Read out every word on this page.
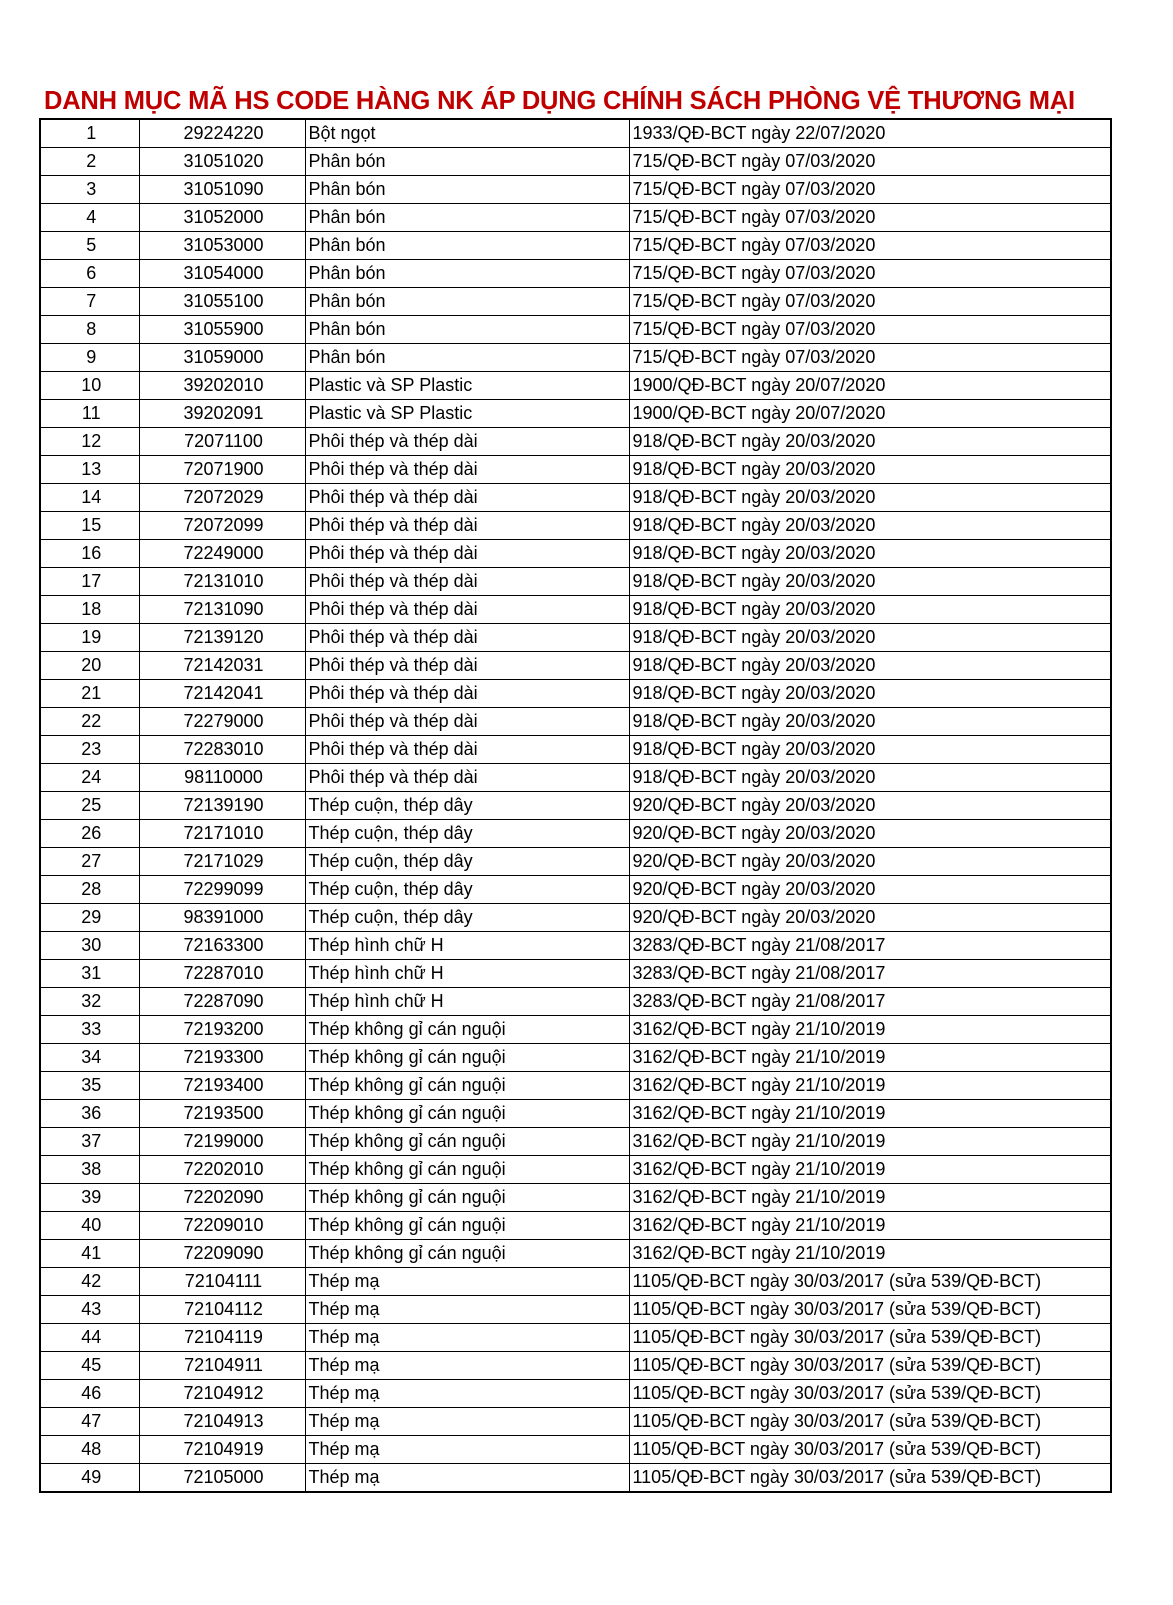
DANH MỤC MÃ HS CODE HÀNG NK ÁP DỤNG CHÍNH SÁCH PHÒNG VỆ THƯƠNG MẠI
1	29224220	Bột ngọt	1933/QĐ-BCT ngày 22/07/2020
2	31051020	Phân bón	715/QĐ-BCT ngày 07/03/2020
3	31051090	Phân bón	715/QĐ-BCT ngày 07/03/2020
4	31052000	Phân bón	715/QĐ-BCT ngày 07/03/2020
5	31053000	Phân bón	715/QĐ-BCT ngày 07/03/2020
6	31054000	Phân bón	715/QĐ-BCT ngày 07/03/2020
7	31055100	Phân bón	715/QĐ-BCT ngày 07/03/2020
8	31055900	Phân bón	715/QĐ-BCT ngày 07/03/2020
9	31059000	Phân bón	715/QĐ-BCT ngày 07/03/2020
10	39202010	Plastic và SP Plastic	1900/QĐ-BCT ngày 20/07/2020
11	39202091	Plastic và SP Plastic	1900/QĐ-BCT ngày 20/07/2020
12	72071100	Phôi thép và thép dài	918/QĐ-BCT ngày 20/03/2020
13	72071900	Phôi thép và thép dài	918/QĐ-BCT ngày 20/03/2020
14	72072029	Phôi thép và thép dài	918/QĐ-BCT ngày 20/03/2020
15	72072099	Phôi thép và thép dài	918/QĐ-BCT ngày 20/03/2020
16	72249000	Phôi thép và thép dài	918/QĐ-BCT ngày 20/03/2020
17	72131010	Phôi thép và thép dài	918/QĐ-BCT ngày 20/03/2020
18	72131090	Phôi thép và thép dài	918/QĐ-BCT ngày 20/03/2020
19	72139120	Phôi thép và thép dài	918/QĐ-BCT ngày 20/03/2020
20	72142031	Phôi thép và thép dài	918/QĐ-BCT ngày 20/03/2020
21	72142041	Phôi thép và thép dài	918/QĐ-BCT ngày 20/03/2020
22	72279000	Phôi thép và thép dài	918/QĐ-BCT ngày 20/03/2020
23	72283010	Phôi thép và thép dài	918/QĐ-BCT ngày 20/03/2020
24	98110000	Phôi thép và thép dài	918/QĐ-BCT ngày 20/03/2020
25	72139190	Thép cuộn, thép dây	920/QĐ-BCT ngày 20/03/2020
26	72171010	Thép cuộn, thép dây	920/QĐ-BCT ngày 20/03/2020
27	72171029	Thép cuộn, thép dây	920/QĐ-BCT ngày 20/03/2020
28	72299099	Thép cuộn, thép dây	920/QĐ-BCT ngày 20/03/2020
29	98391000	Thép cuộn, thép dây	920/QĐ-BCT ngày 20/03/2020
30	72163300	Thép hình chữ H	3283/QĐ-BCT ngày 21/08/2017
31	72287010	Thép hình chữ H	3283/QĐ-BCT ngày 21/08/2017
32	72287090	Thép hình chữ H	3283/QĐ-BCT ngày 21/08/2017
33	72193200	Thép không gỉ cán nguội	3162/QĐ-BCT ngày 21/10/2019
34	72193300	Thép không gỉ cán nguội	3162/QĐ-BCT ngày 21/10/2019
35	72193400	Thép không gỉ cán nguội	3162/QĐ-BCT ngày 21/10/2019
36	72193500	Thép không gỉ cán nguội	3162/QĐ-BCT ngày 21/10/2019
37	72199000	Thép không gỉ cán nguội	3162/QĐ-BCT ngày 21/10/2019
38	72202010	Thép không gỉ cán nguội	3162/QĐ-BCT ngày 21/10/2019
39	72202090	Thép không gỉ cán nguội	3162/QĐ-BCT ngày 21/10/2019
40	72209010	Thép không gỉ cán nguội	3162/QĐ-BCT ngày 21/10/2019
41	72209090	Thép không gỉ cán nguội	3162/QĐ-BCT ngày 21/10/2019
42	72104111	Thép mạ	1105/QĐ-BCT ngày 30/03/2017 (sửa 539/QĐ-BCT)
43	72104112	Thép mạ	1105/QĐ-BCT ngày 30/03/2017 (sửa 539/QĐ-BCT)
44	72104119	Thép mạ	1105/QĐ-BCT ngày 30/03/2017 (sửa 539/QĐ-BCT)
45	72104911	Thép mạ	1105/QĐ-BCT ngày 30/03/2017 (sửa 539/QĐ-BCT)
46	72104912	Thép mạ	1105/QĐ-BCT ngày 30/03/2017 (sửa 539/QĐ-BCT)
47	72104913	Thép mạ	1105/QĐ-BCT ngày 30/03/2017 (sửa 539/QĐ-BCT)
48	72104919	Thép mạ	1105/QĐ-BCT ngày 30/03/2017 (sửa 539/QĐ-BCT)
49	72105000	Thép mạ	1105/QĐ-BCT ngày 30/03/2017 (sửa 539/QĐ-BCT)
